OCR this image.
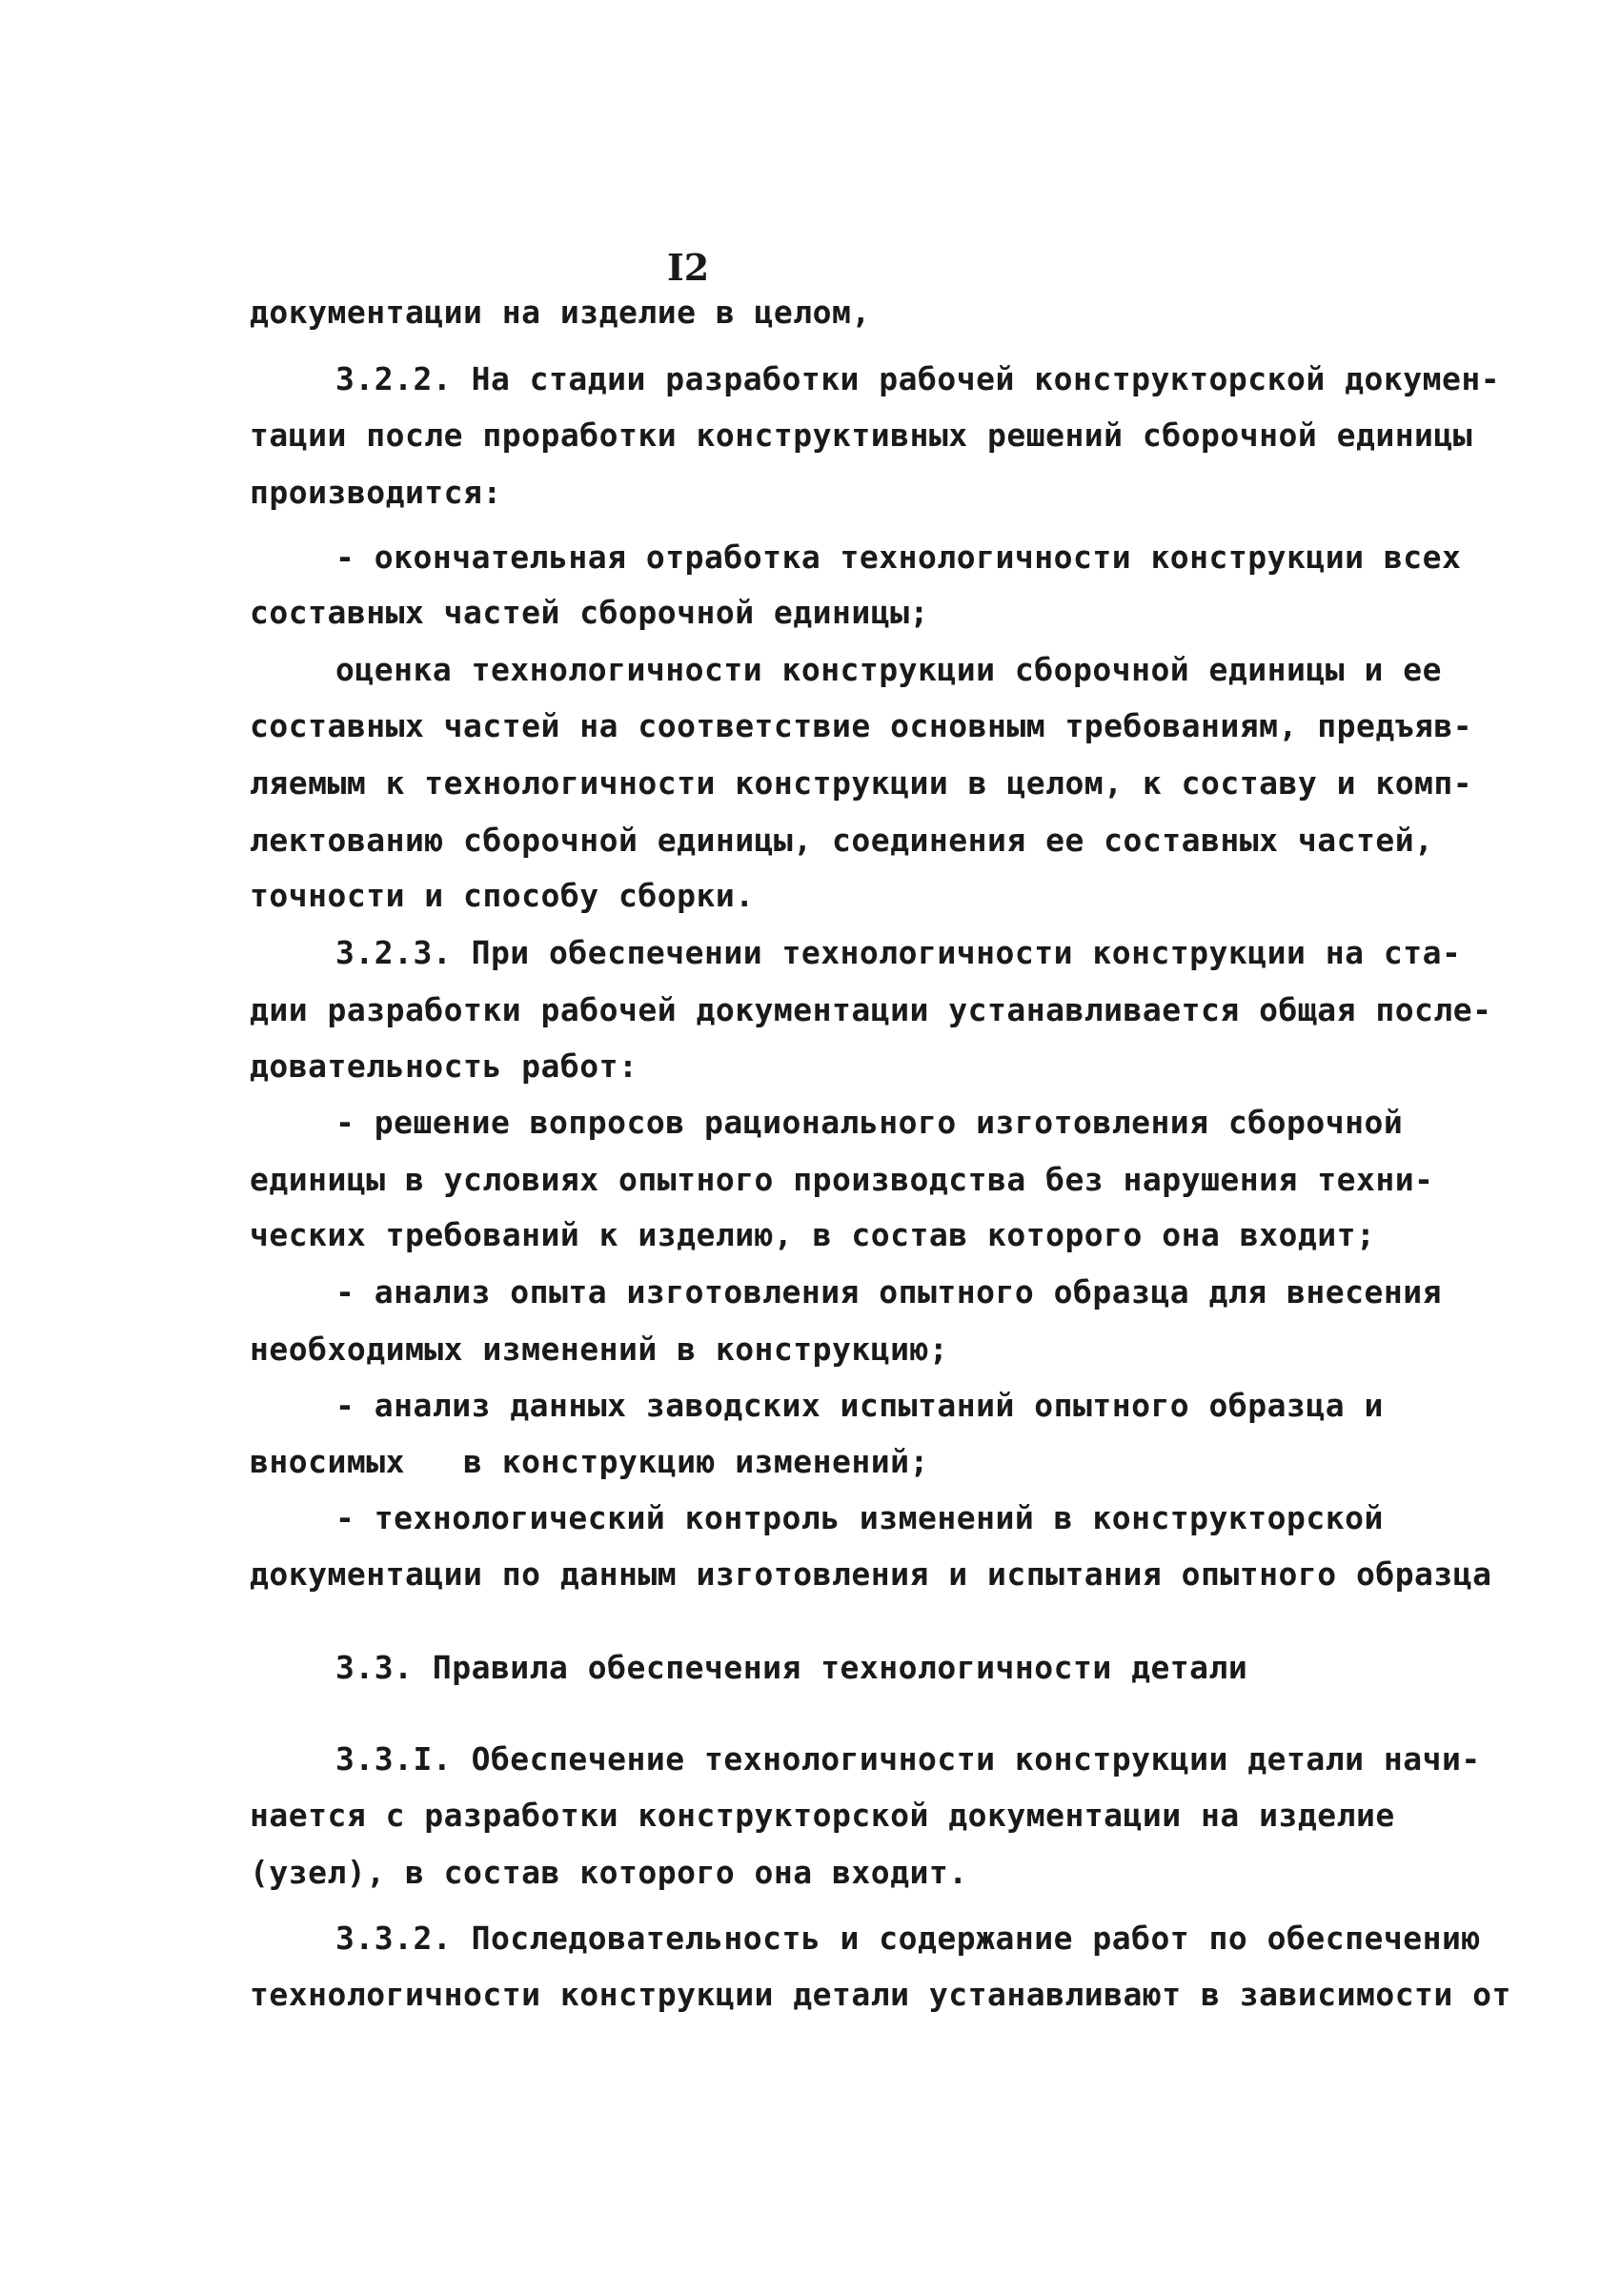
I2
документации на изделие в целом,
3.2.2. На стадии разработки рабочей конструкторской докумен-
тации после проработки конструктивных решений сборочной единицы
производится:
- окончательная отработка технологичности конструкции всех
составных частей сборочной единицы;
оценка технологичности конструкции сборочной единицы и ее
составных частей на соответствие основным требованиям, предъяв-
ляемым к технологичности конструкции в целом, к составу и комп-
лектованию сборочной единицы, соединения ее составных частей,
точности и способу сборки.
3.2.3. При обеспечении технологичности конструкции на ста-
дии разработки рабочей документации устанавливается общая после-
довательность работ:
- решение вопросов рационального изготовления сборочной
единицы в условиях опытного производства без нарушения техни-
ческих требований к изделию, в состав которого она входит;
- анализ опыта изготовления опытного образца для внесения
необходимых изменений в конструкцию;
- анализ данных заводских испытаний опытного образца и
вносимых   в конструкцию изменений;
- технологический контроль изменений в конструкторской
документации по данным изготовления и испытания опытного образца
3.3. Правила обеспечения технологичности детали
3.3.I. Обеспечение технологичности конструкции детали начи-
нается с разработки конструкторской документации на изделие
(узел), в состав которого она входит.
3.3.2. Последовательность и содержание работ по обеспечению
технологичности конструкции детали устанавливают в зависимости от
